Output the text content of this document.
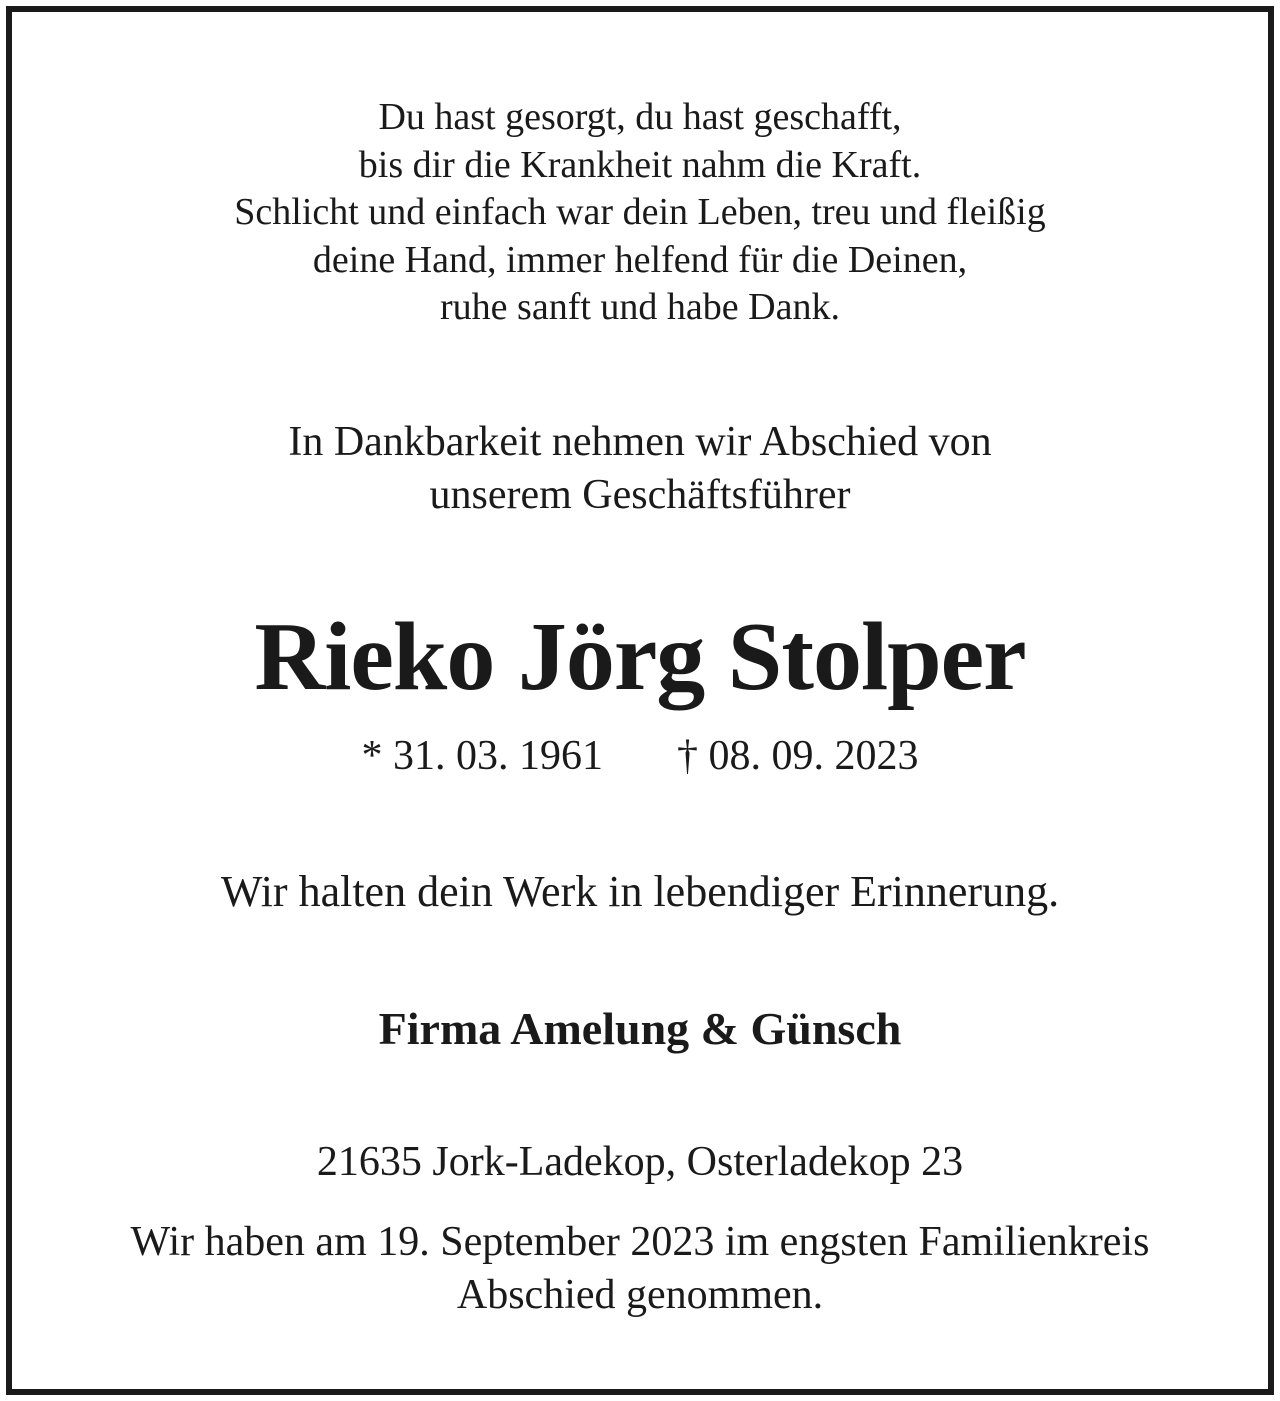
Du hast gesorgt, du hast geschafft,
bis dir die Krankheit nahm die Kraft.
Schlicht und einfach war dein Leben, treu und fleißig
deine Hand, immer helfend für die Deinen,
ruhe sanft und habe Dank.

In Dankbarkeit nehmen wir Abschied von
unserem Geschäftsführer

Rieko Jörg Stolper

* 31. 03. 1961 † 08. 09. 2023

Wir halten dein Werk in lebendiger Erinnerung.

Firma Amelung & Günsch

21635 Jork-Ladekop, Osterladekop 23

Wir haben am 19. September 2023 im engsten Familienkreis
Abschied genommen.
